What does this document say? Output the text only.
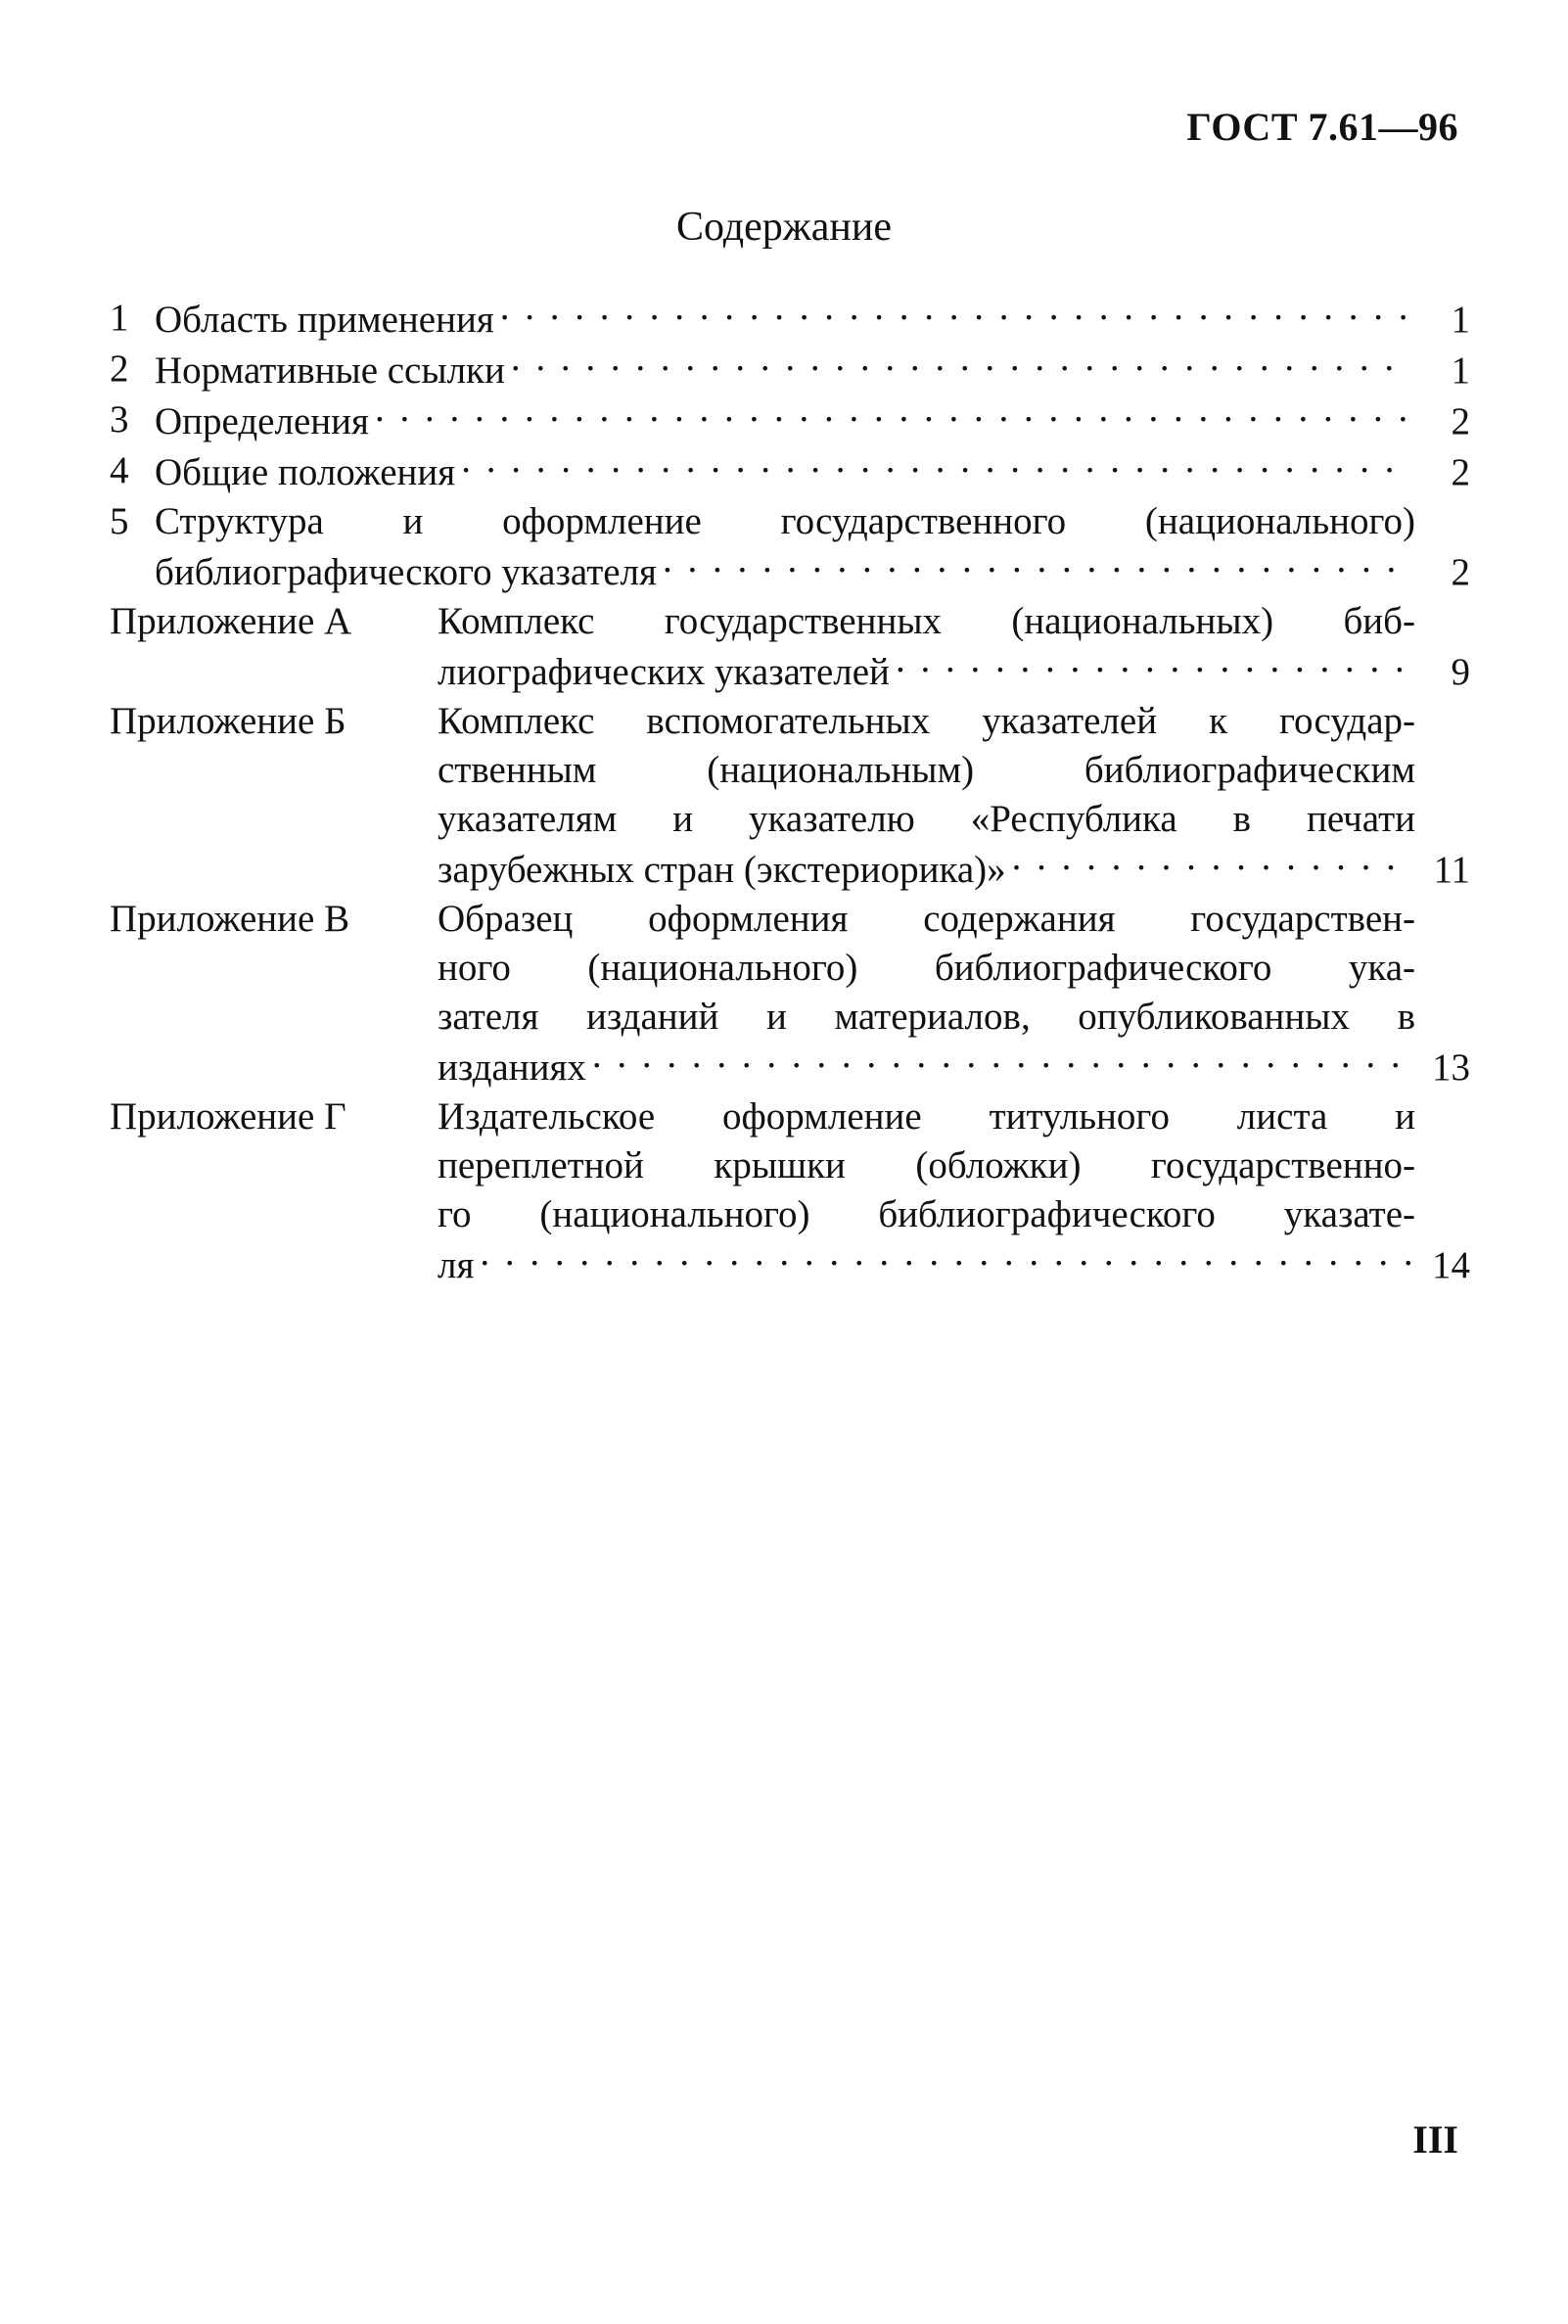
ГОСТ 7.61—96
Содержание
1 Область применения . . .	1
2 Нормативные ссылки . . .	1
3 Определения . . .	2
4 Общие положения . . .	2
5 Структура и оформление государственного (национального)
библиографического указателя . . .	2
Приложение А	Комплекс государственных (национальных) биб-
лиографических указателей . . .	9
Приложение Б	Комплекс вспомогательных указателей к государ-
ственным (национальным) библиографическим
указателям и указателю «Республика в печати
зарубежных стран (экстериорика)» . . .	11
Приложение В	Образец оформления содержания государствен-
ного (национального) библиографического ука-
зателя изданий и материалов, опубликованных в
изданиях . . .	13
Приложение Г	Издательское оформление титульного листа и
переплетной крышки (обложки) государственно-
го (национального) библиографического указате-
ля . . .	14
III
